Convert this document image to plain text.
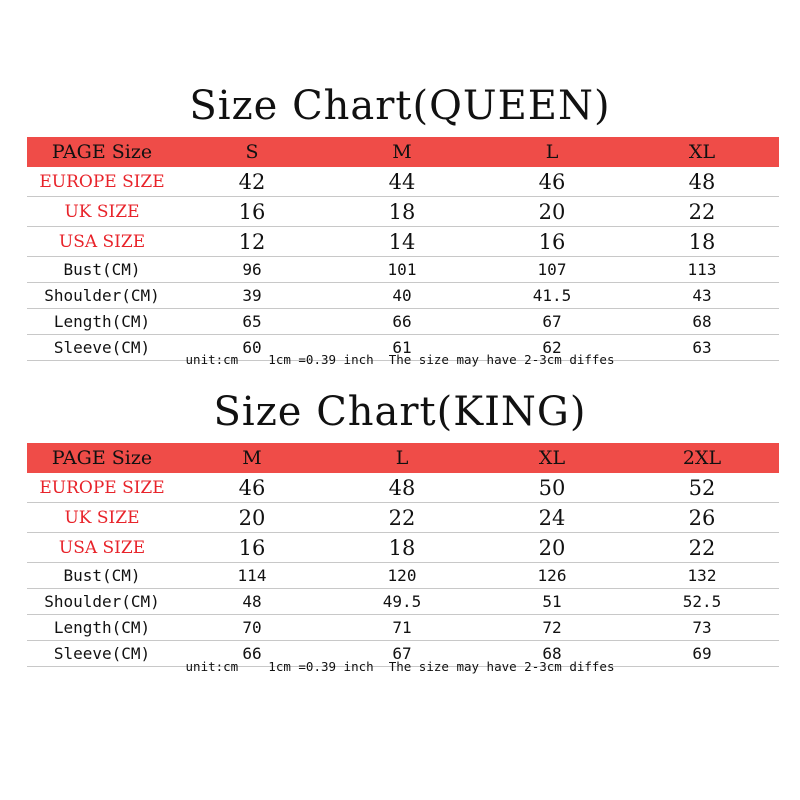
Size Chart(QUEEN)
PAGE Size	S	M	L	XL
EUROPE SIZE	42	44	46	48
UK SIZE	16	18	20	22
USA SIZE	12	14	16	18
Bust(CM)	96	101	107	113
Shoulder(CM)	39	40	41.5	43
Length(CM)	65	66	67	68
Sleeve(CM)	60	61	62	63
unit:cm    1cm =0.39 inch  The size may have 2-3cm diffes
Size Chart(KING)
PAGE Size	M	L	XL	2XL
EUROPE SIZE	46	48	50	52
UK SIZE	20	22	24	26
USA SIZE	16	18	20	22
Bust(CM)	114	120	126	132
Shoulder(CM)	48	49.5	51	52.5
Length(CM)	70	71	72	73
Sleeve(CM)	66	67	68	69
unit:cm    1cm =0.39 inch  The size may have 2-3cm diffes
